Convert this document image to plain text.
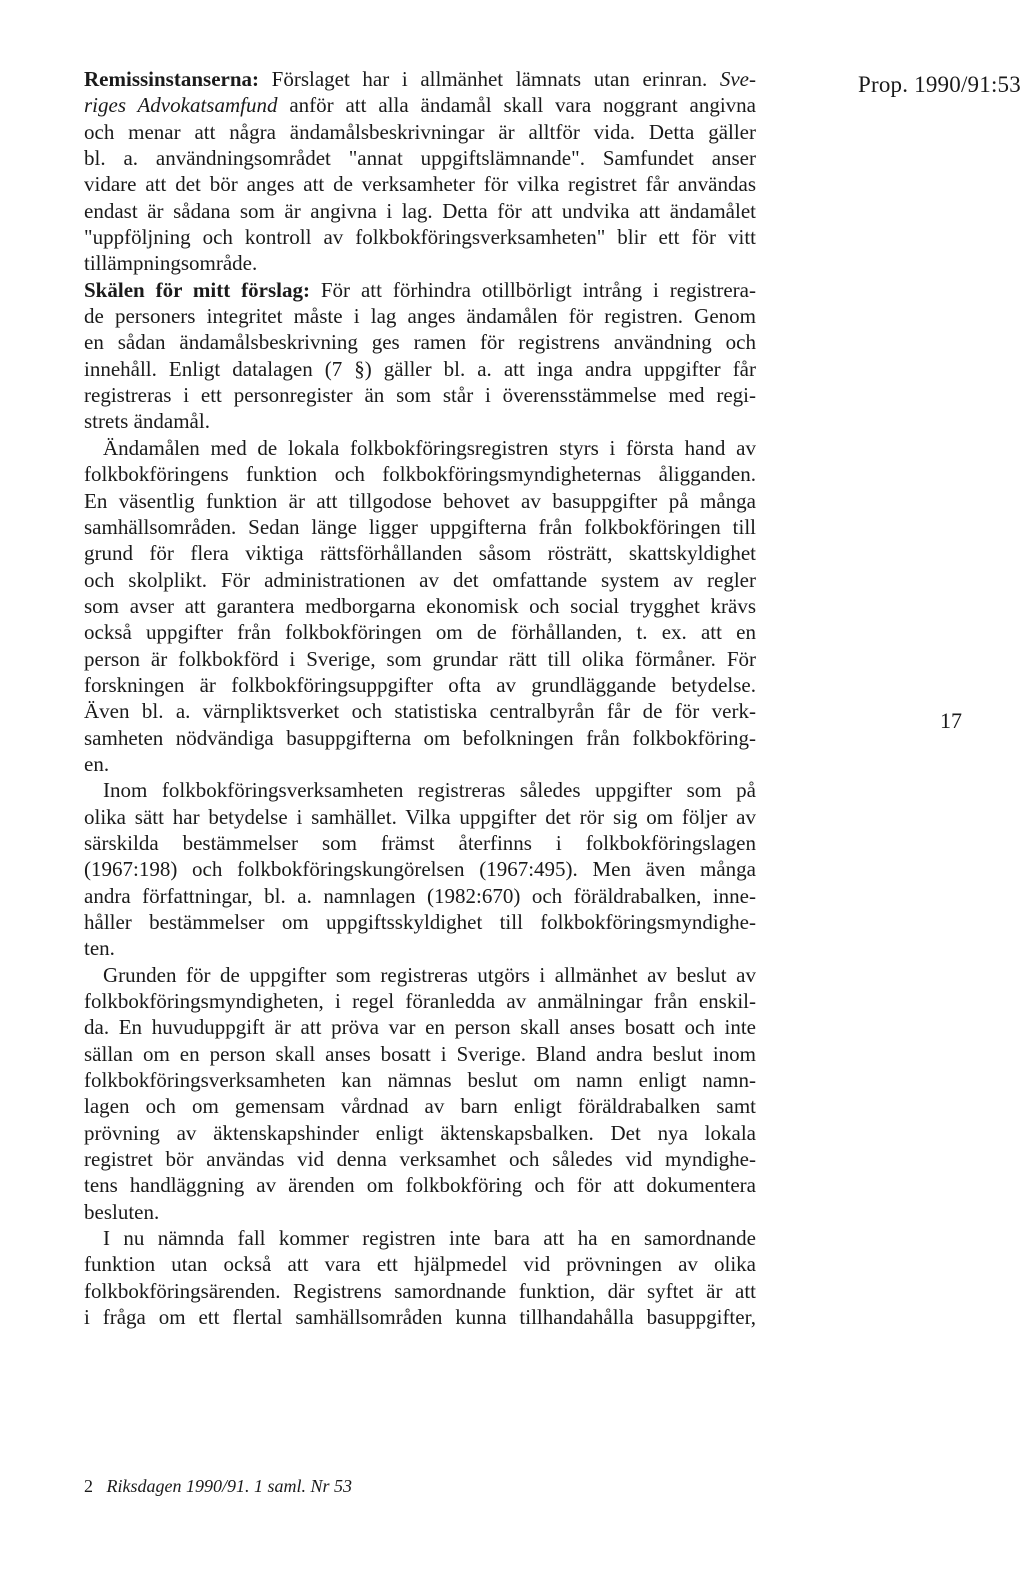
Prop. 1990/91:53
Remissinstanserna: Förslaget har i allmänhet lämnats utan erinran. Sve-
riges Advokatsamfund anför att alla ändamål skall vara noggrant angivna
och menar att några ändamålsbeskrivningar är alltför vida. Detta gäller
bl. a. användningsområdet "annat uppgiftslämnande". Samfundet anser
vidare att det bör anges att de verksamheter för vilka registret får användas
endast är sådana som är angivna i lag. Detta för att undvika att ändamålet
"uppföljning och kontroll av folkbokföringsverksamheten" blir ett för vitt
tillämpningsområde.
Skälen för mitt förslag: För att förhindra otillbörligt intrång i registrera-
de personers integritet måste i lag anges ändamålen för registren. Genom
en sådan ändamålsbeskrivning ges ramen för registrens användning och
innehåll. Enligt datalagen (7 §) gäller bl. a. att inga andra uppgifter får
registreras i ett personregister än som står i överensstämmelse med regi-
strets ändamål.
Ändamålen med de lokala folkbokföringsregistren styrs i första hand av
folkbokföringens funktion och folkbokföringsmyndigheternas åligganden.
En väsentlig funktion är att tillgodose behovet av basuppgifter på många
samhällsområden. Sedan länge ligger uppgifterna från folkbokföringen till
grund för flera viktiga rättsförhållanden såsom rösträtt, skattskyldighet
och skolplikt. För administrationen av det omfattande system av regler
som avser att garantera medborgarna ekonomisk och social trygghet krävs
också uppgifter från folkbokföringen om de förhållanden, t. ex. att en
person är folkbokförd i Sverige, som grundar rätt till olika förmåner. För
forskningen är folkbokföringsuppgifter ofta av grundläggande betydelse.
Även bl. a. värnpliktsverket och statistiska centralbyrån får de för verk-
samheten nödvändiga basuppgifterna om befolkningen från folkbokföring-
en.
Inom folkbokföringsverksamheten registreras således uppgifter som på
olika sätt har betydelse i samhället. Vilka uppgifter det rör sig om följer av
särskilda bestämmelser som främst återfinns i folkbokföringslagen
(1967:198) och folkbokföringskungörelsen (1967:495). Men även många
andra författningar, bl. a. namnlagen (1982:670) och föräldrabalken, inne-
håller bestämmelser om uppgiftsskyldighet till folkbokföringsmyndighe-
ten.
Grunden för de uppgifter som registreras utgörs i allmänhet av beslut av
folkbokföringsmyndigheten, i regel föranledda av anmälningar från enskil-
da. En huvuduppgift är att pröva var en person skall anses bosatt och inte
sällan om en person skall anses bosatt i Sverige. Bland andra beslut inom
folkbokföringsverksamheten kan nämnas beslut om namn enligt namn-
lagen och om gemensam vårdnad av barn enligt föräldrabalken samt
prövning av äktenskapshinder enligt äktenskapsbalken. Det nya lokala
registret bör användas vid denna verksamhet och således vid myndighe-
tens handläggning av ärenden om folkbokföring och för att dokumentera
besluten.
I nu nämnda fall kommer registren inte bara att ha en samordnande
funktion utan också att vara ett hjälpmedel vid prövningen av olika
folkbokföringsärenden. Registrens samordnande funktion, där syftet är att
i fråga om ett flertal samhällsområden kunna tillhandahålla basuppgifter,
17
2 Riksdagen 1990/91. 1 saml. Nr 53
